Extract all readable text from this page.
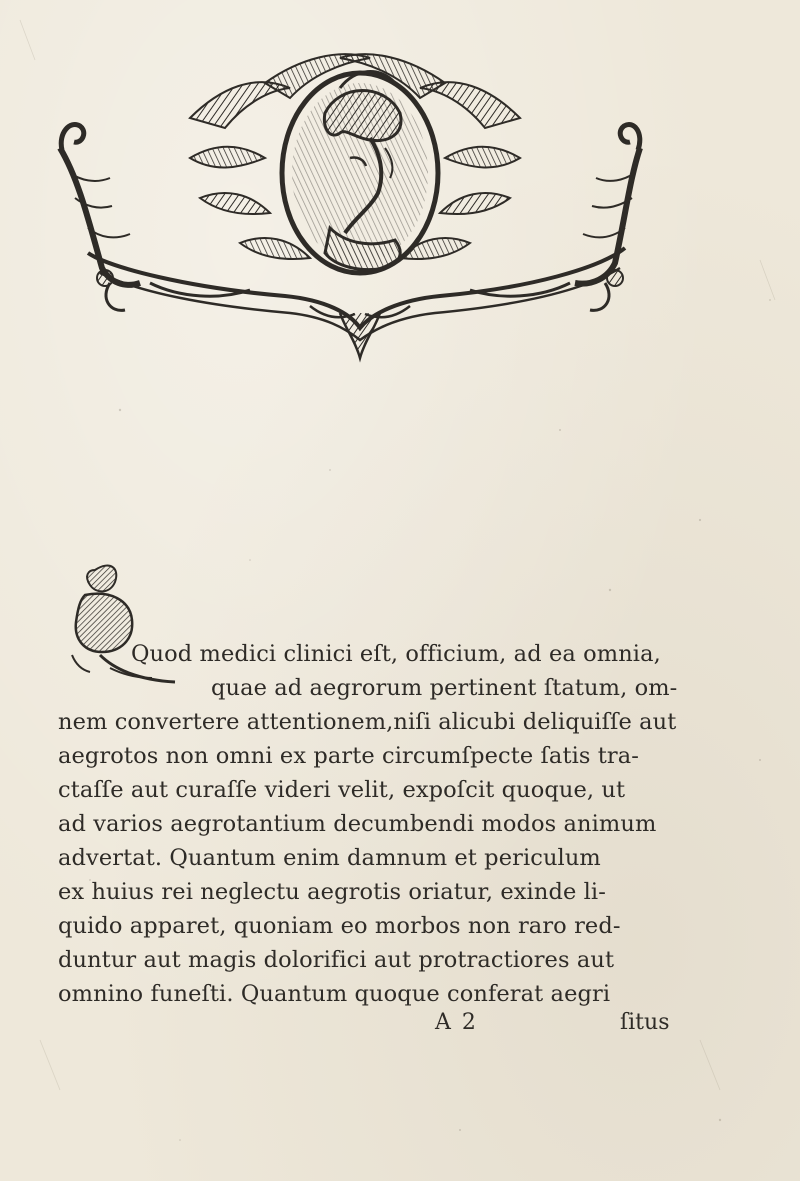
Quod medici clinici eſt, officium, ad ea omnia,
quae ad aegrorum pertinent ſtatum, om-
nem convertere attentionem,niſi alicubi deliquiſſe aut
aegrotos non omni ex parte circumſpecte ſatis tra-
ctaſſe aut curaſſe videri velit, expoſcit quoque, ut
ad varios aegrotantium decumbendi modos animum
advertat. Quantum enim damnum et periculum
ex huius rei neglectu aegrotis oriatur, exinde li-
quido apparet, quoniam eo morbos non raro red-
duntur aut magis dolorifici aut protractiores aut
omnino funeſti. Quantum quoque conferat aegri
A 2	ſitus
